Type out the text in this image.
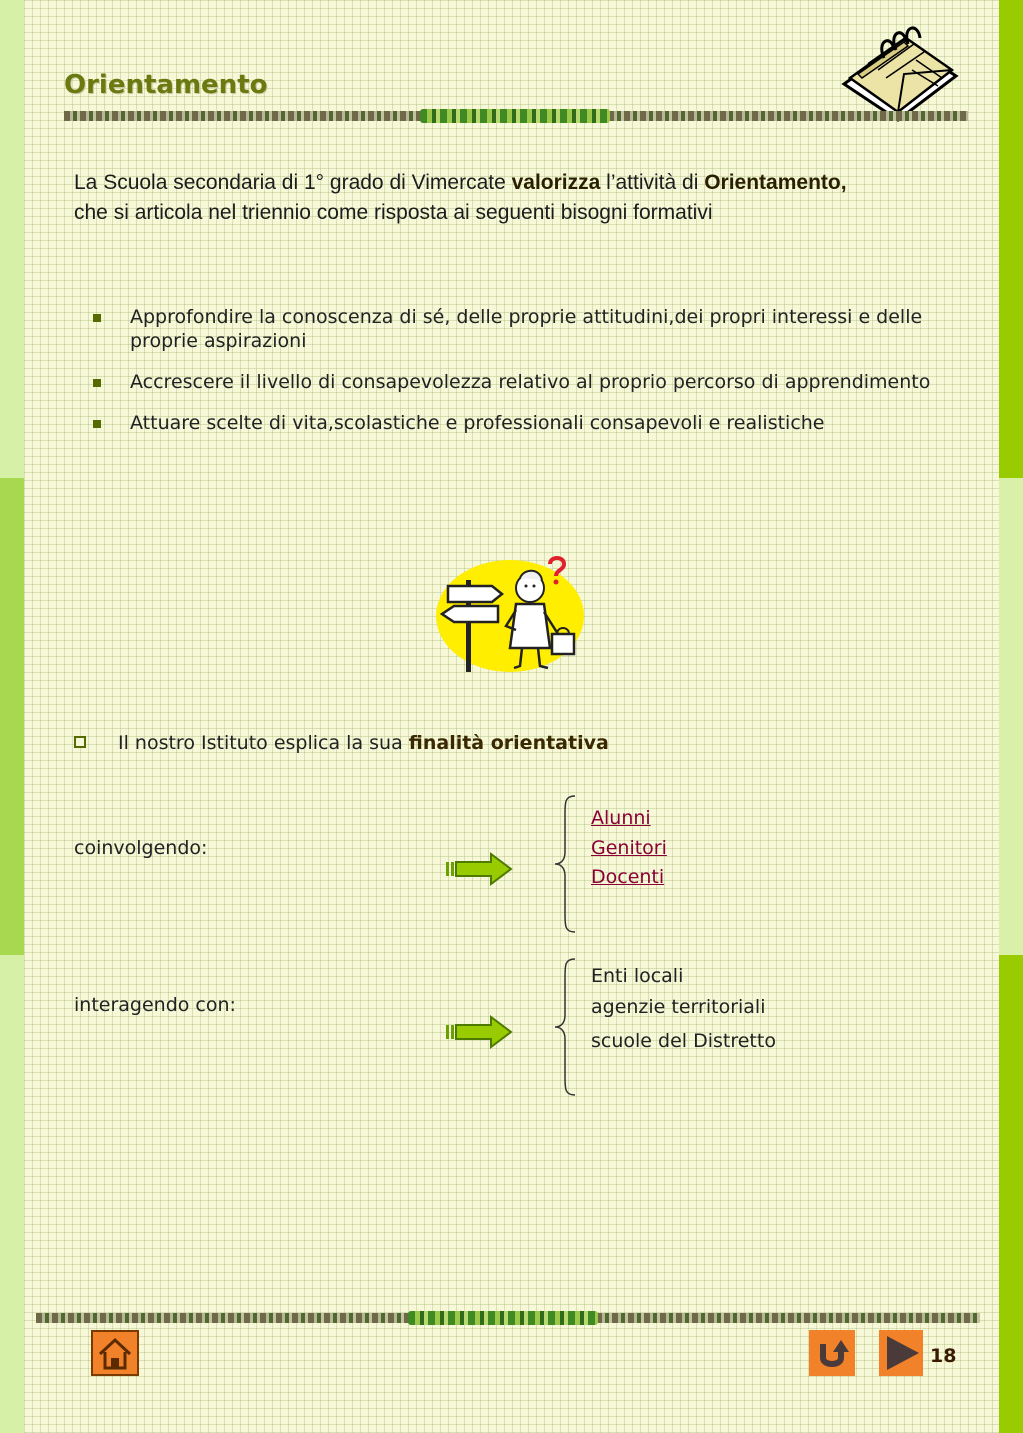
Orientamento
La Scuola secondaria di 1° grado di Vimercate valorizza l’attività di Orientamento,
che si articola nel triennio come risposta ai seguenti bisogni formativi
Approfondire la conoscenza di sé, delle proprie attitudini,dei propri interessi e delle proprie aspirazioni
Accrescere il livello di consapevolezza relativo al proprio percorso di apprendimento
Attuare scelte di vita,scolastiche e professionali consapevoli e realistiche
Il nostro Istituto esplica la sua finalità orientativa
coinvolgendo:
Alunni
Genitori
Docenti
interagendo con:
Enti locali
agenzie territoriali
scuole del Distretto
18
